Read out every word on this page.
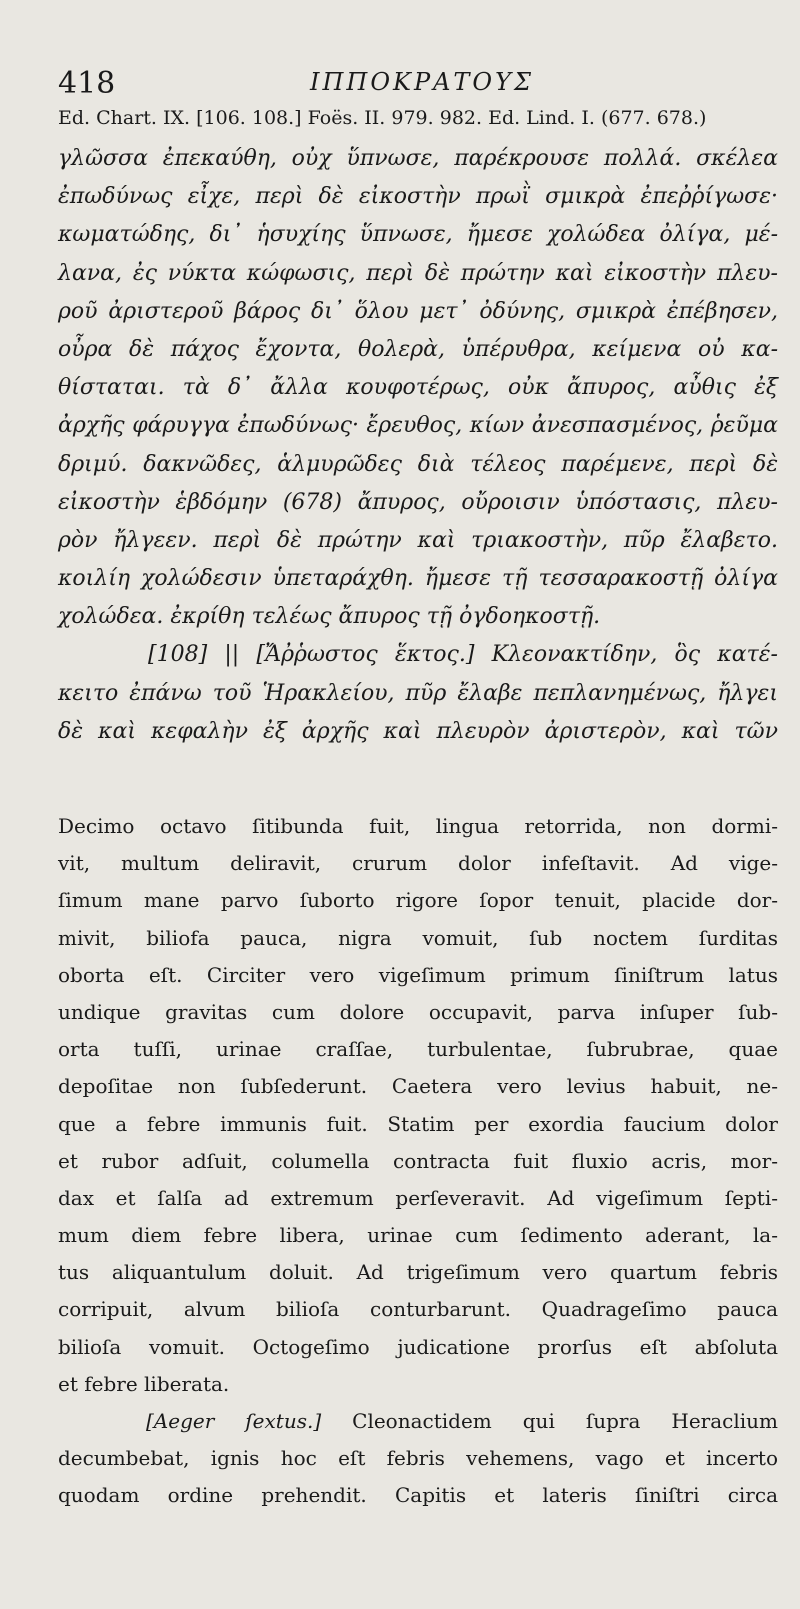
418	ΙΠΠΟΚΡΑΤΟΥΣ
Ed. Chart. IX. [106. 108.] Foës. II. 979. 982. Ed. Lind. I. (677. 678.)
γλῶσσα ἐπεκαύθη, οὐχ ὕπνωσε, παρέκρουσε πολλά. σκέλεα
ἐπωδύνως εἶχε, περὶ δὲ εἰκοστὴν πρωῒ σμικρὰ ἐπεῤῥίγωσε·
κωματώδης, δι᾽ ἡσυχίης ὕπνωσε, ἤμεσε χολώδεα ὀλίγα, μέ-
λανα, ἐς νύκτα κώφωσις, περὶ δὲ πρώτην καὶ εἰκοστὴν πλευ-
ροῦ ἀριστεροῦ βάρος δι᾽ ὅλου μετ᾽ ὀδύνης, σμικρὰ ἐπέβησεν,
οὖρα δὲ πάχος ἔχοντα, θολερὰ, ὑπέρυθρα, κείμενα οὐ κα-
θίσταται. τὰ δ᾽ ἄλλα κουφοτέρως, οὐκ ἄπυρος, αὖθις ἐξ
ἀρχῆς φάρυγγα ἐπωδύνως· ἔρευθος, κίων ἀνεσπασμένος, ῥεῦμα
δριμύ. δακνῶδες, ἁλμυρῶδες διὰ τέλεος παρέμενε, περὶ δὲ
εἰκοστὴν ἑβδόμην (678) ἄπυρος, οὔροισιν ὑπόστασις, πλευ-
ρὸν ἤλγεεν. περὶ δὲ πρώτην καὶ τριακοστὴν, πῦρ ἔλαβετο.
κοιλίη χολώδεσιν ὑπεταράχθη. ἤμεσε τῇ τεσσαρακοστῇ ὀλίγα
χολώδεα. ἐκρίθη τελέως ἄπυρος τῇ ὀγδοηκοστῇ.
[108] || [Ἄῤῥωστος ἕκτος.] Κλεονακτίδην, ὃς κατέ-
κειτο ἐπάνω τοῦ Ἡρακλείου, πῦρ ἔλαβε πεπλανημένως, ἤλγει
δὲ καὶ κεφαλὴν ἐξ ἀρχῆς καὶ πλευρὸν ἀριστερὸν, καὶ τῶν
Decimo octavo ſitibunda fuit, lingua retorrida, non dormi-
vit, multum deliravit, crurum dolor infeſtavit. Ad vige-
ſimum mane parvo ſuborto rigore ſopor tenuit, placide dor-
mivit, biliofa pauca, nigra vomuit, ſub noctem ſurditas
oborta eſt. Circiter vero vigeſimum primum ſiniſtrum latus
undique gravitas cum dolore occupavit, parva inſuper ſub-
orta tuſſi, urinae craſſae, turbulentae, ſubrubrae, quae
depoſitae non ſubſederunt. Caetera vero levius habuit, ne-
que a febre immunis fuit. Statim per exordia faucium dolor
et rubor adſuit, columella contracta fuit fluxio acris, mor-
dax et ſalſa ad extremum perſeveravit. Ad vigeſimum ſepti-
mum diem febre libera, urinae cum ſedimento aderant, la-
tus aliquantulum doluit. Ad trigeſimum vero quartum febris
corripuit, alvum bilioſa conturbarunt. Quadrageſimo pauca
bilioſa vomuit. Octogeſimo judicatione prorſus eſt abſoluta
et febre liberata.
[Aeger ſextus.] Cleonactidem qui ſupra Heraclium
decumbebat, ignis hoc eſt febris vehemens, vago et incerto
quodam ordine prehendit. Capitis et lateris ſiniſtri circa
